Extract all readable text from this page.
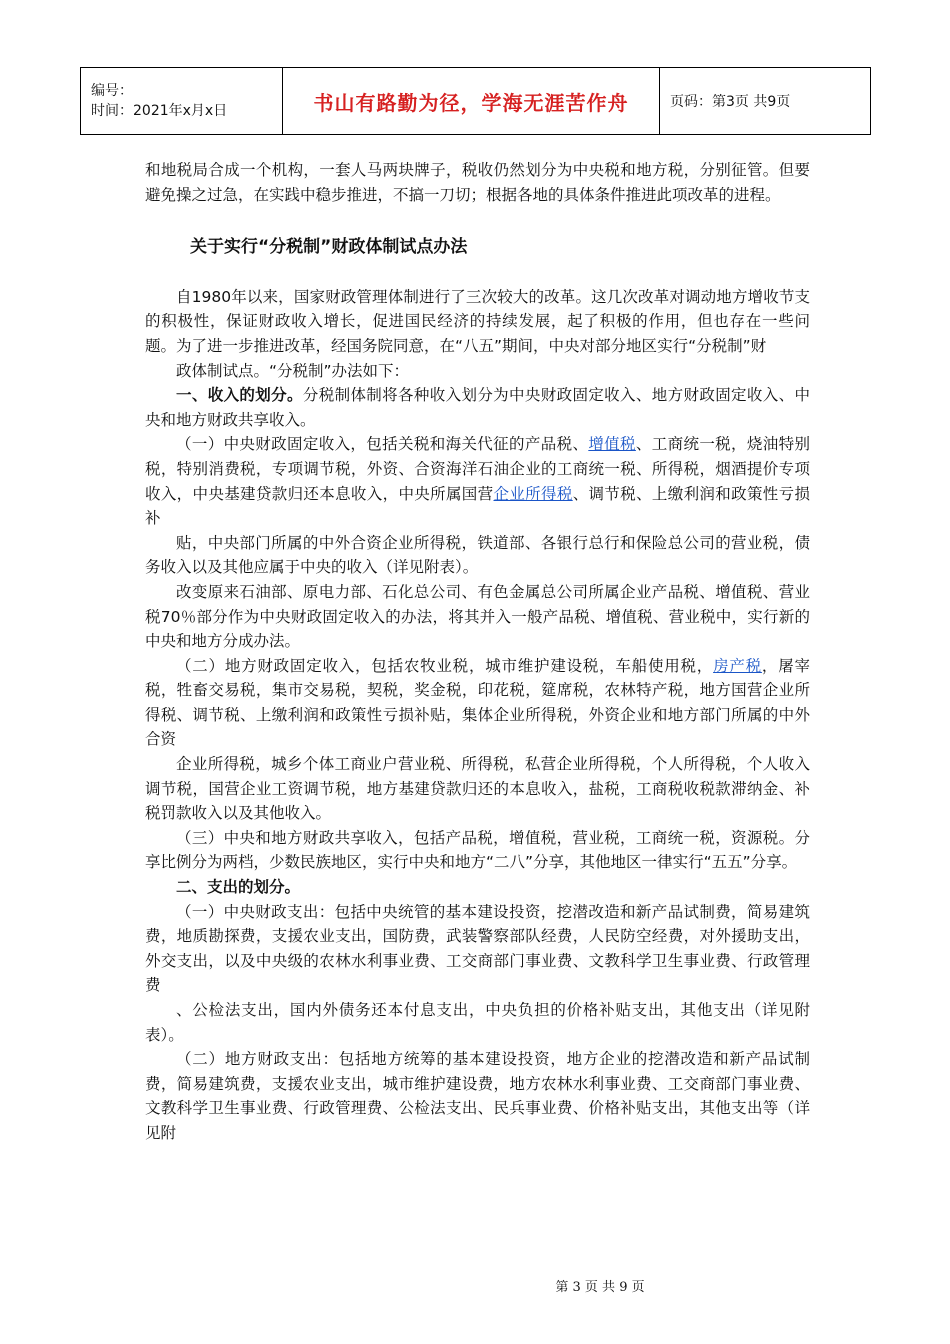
编号：
时间：2021年x月x日	书山有路勤为径，学海无涯苦作舟	页码：第3页 共9页

和地税局合成一个机构，一套人马两块牌子，税收仍然划分为中央税和地方税，分别征管。但要避免操之过急，在实践中稳步推进，不搞一刀切；根据各地的具体条件推进此项改革的进程。

关于实行“分税制”财政体制试点办法

自1980年以来，国家财政管理体制进行了三次较大的改革。这几次改革对调动地方增收节支的积极性，保证财政收入增长，促进国民经济的持续发展，起了积极的作用，但也存在一些问题。为了进一步推进改革，经国务院同意，在“八五”期间，中央对部分地区实行“分税制”财

政体制试点。“分税制”办法如下：

一、收入的划分。分税制体制将各种收入划分为中央财政固定收入、地方财政固定收入、中央和地方财政共享收入。

（一）中央财政固定收入，包括关税和海关代征的产品税、增值税、工商统一税，烧油特别税，特别消费税，专项调节税，外资、合资海洋石油企业的工商统一税、所得税，烟酒提价专项收入，中央基建贷款归还本息收入，中央所属国营企业所得税、调节税、上缴利润和政策性亏损补

贴，中央部门所属的中外合资企业所得税，铁道部、各银行总行和保险总公司的营业税，债务收入以及其他应属于中央的收入（详见附表）。

改变原来石油部、原电力部、石化总公司、有色金属总公司所属企业产品税、增值税、营业税70％部分作为中央财政固定收入的办法，将其并入一般产品税、增值税、营业税中，实行新的中央和地方分成办法。

（二）地方财政固定收入，包括农牧业税，城市维护建设税，车船使用税，房产税，屠宰税，牲畜交易税，集市交易税，契税，奖金税，印花税，筵席税，农林特产税，地方国营企业所得税、调节税、上缴利润和政策性亏损补贴，集体企业所得税，外资企业和地方部门所属的中外合资

企业所得税，城乡个体工商业户营业税、所得税，私营企业所得税，个人所得税，个人收入调节税，国营企业工资调节税，地方基建贷款归还的本息收入，盐税，工商税收税款滞纳金、补税罚款收入以及其他收入。

（三）中央和地方财政共享收入，包括产品税，增值税，营业税，工商统一税，资源税。分享比例分为两档，少数民族地区，实行中央和地方“二八”分享，其他地区一律实行“五五”分享。

二、支出的划分。

（一）中央财政支出：包括中央统管的基本建设投资，挖潜改造和新产品试制费，简易建筑费，地质勘探费，支援农业支出，国防费，武装警察部队经费，人民防空经费，对外援助支出，外交支出，以及中央级的农林水利事业费、工交商部门事业费、文教科学卫生事业费、行政管理费

、公检法支出，国内外债务还本付息支出，中央负担的价格补贴支出，其他支出（详见附表）。

（二）地方财政支出：包括地方统筹的基本建设投资，地方企业的挖潜改造和新产品试制费，简易建筑费，支援农业支出，城市维护建设费，地方农林水利事业费、工交商部门事业费、文教科学卫生事业费、行政管理费、公检法支出、民兵事业费、价格补贴支出，其他支出等（详见附

第 3 页 共 9 页
